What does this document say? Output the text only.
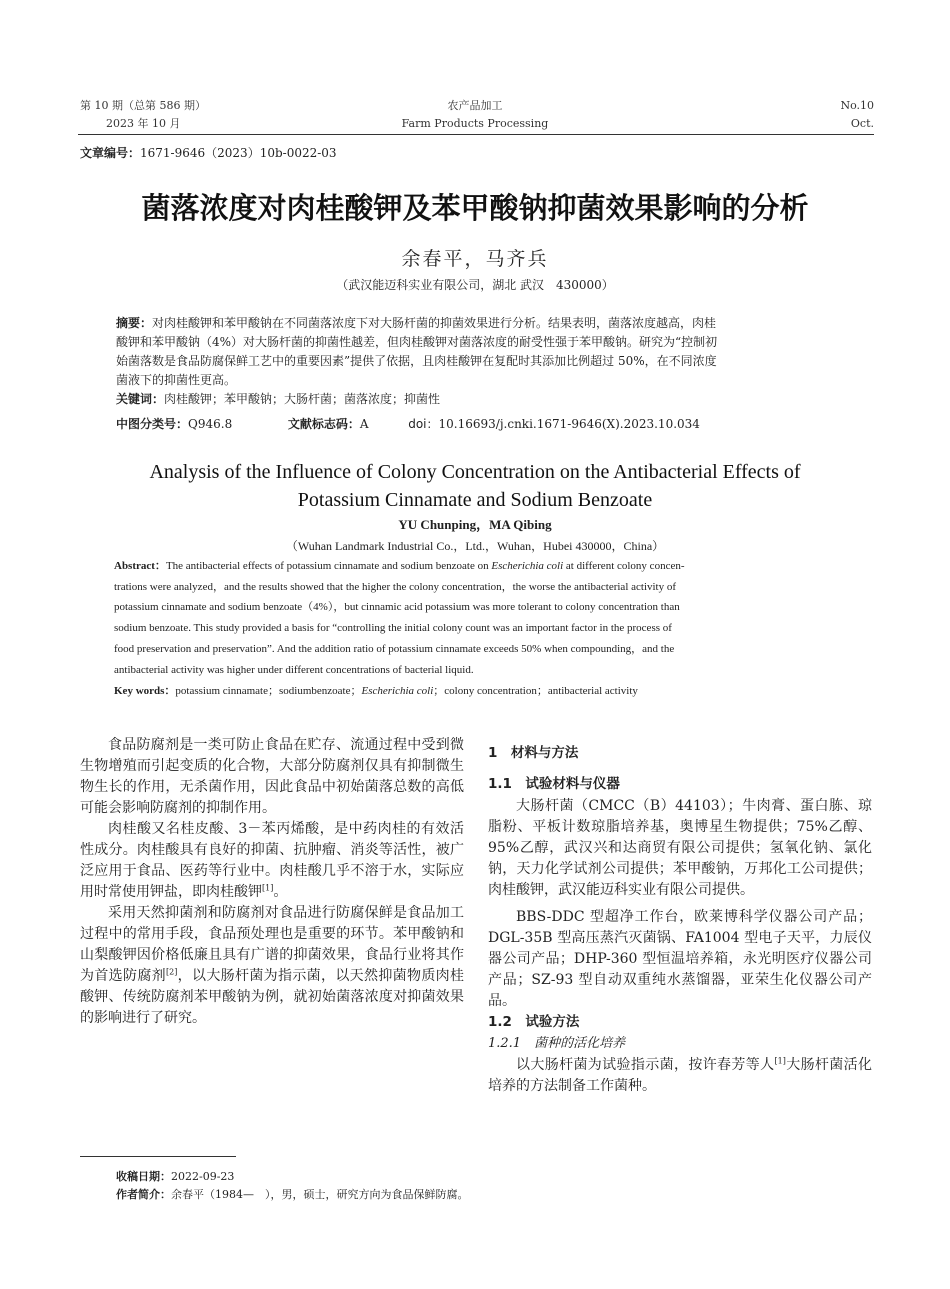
第 10 期（总第 586 期）
2023 年 10 月
农产品加工
Farm Products Processing
No.10
Oct.
文章编号：1671-9646（2023）10b-0022-03
菌落浓度对肉桂酸钾及苯甲酸钠抑菌效果影响的分析
余春平，马齐兵
（武汉能迈科实业有限公司，湖北 武汉　430000）
摘要：对肉桂酸钾和苯甲酸钠在不同菌落浓度下对大肠杆菌的抑菌效果进行分析。结果表明，菌落浓度越高，肉桂
酸钾和苯甲酸钠（4%）对大肠杆菌的抑菌性越差，但肉桂酸钾对菌落浓度的耐受性强于苯甲酸钠。研究为“控制初
始菌落数是食品防腐保鲜工艺中的重要因素”提供了依据，且肉桂酸钾在复配时其添加比例超过 50%，在不同浓度
菌液下的抑菌性更高。
关键词：肉桂酸钾；苯甲酸钠；大肠杆菌；菌落浓度；抑菌性
中图分类号：Q946.8	文献标志码：A	doi：10.16693/j.cnki.1671-9646(X).2023.10.034
Analysis of the Influence of Colony Concentration on the Antibacterial Effects of
Potassium Cinnamate and Sodium Benzoate
YU Chunping，MA Qibing
（Wuhan Landmark Industrial Co.，Ltd.，Wuhan，Hubei 430000，China）
Abstract：The antibacterial effects of potassium cinnamate and sodium benzoate on Escherichia coli at different colony concen-
trations were analyzed，and the results showed that the higher the colony concentration，the worse the antibacterial activity of
potassium cinnamate and sodium benzoate（4%），but cinnamic acid potassium was more tolerant to colony concentration than
sodium benzoate. This study provided a basis for “controlling the initial colony count was an important factor in the process of
food preservation and preservation”. And the addition ratio of potassium cinnamate exceeds 50% when compounding，and the
antibacterial activity was higher under different concentrations of bacterial liquid.
Key words：potassium cinnamate；sodiumbenzoate；Escherichia coli；colony concentration；antibacterial activity

食品防腐剂是一类可防止食品在贮存、流通过程中受到微生物增殖而引起变质的化合物，大部分防腐剂仅具有抑制微生物生长的作用，无杀菌作用，因此食品中初始菌落总数的高低可能会影响防腐剂的抑制作用。

肉桂酸又名桂皮酸、3－苯丙烯酸，是中药肉桂的有效活性成分。肉桂酸具有良好的抑菌、抗肿瘤、消炎等活性，被广泛应用于食品、医药等行业中。肉桂酸几乎不溶于水，实际应用时常使用钾盐，即肉桂酸钾[1]。

采用天然抑菌剂和防腐剂对食品进行防腐保鲜是食品加工过程中的常用手段，食品预处理也是重要的环节。苯甲酸钠和山梨酸钾因价格低廉且具有广谱的抑菌效果，食品行业将其作为首选防腐剂[2]，以大肠杆菌为指示菌，以天然抑菌物质肉桂酸钾、传统防腐剂苯甲酸钠为例，就初始菌落浓度对抑菌效果的影响进行了研究。

1　材料与方法
1.1　试验材料与仪器

大肠杆菌（CMCC（B）44103）；牛肉膏、蛋白胨、琼脂粉、平板计数琼脂培养基，奥博星生物提供；75%乙醇、95%乙醇，武汉兴和达商贸有限公司提供；氢氧化钠、氯化钠，天力化学试剂公司提供；苯甲酸钠，万邦化工公司提供；肉桂酸钾，武汉能迈科实业有限公司提供。

BBS-DDC 型超净工作台，欧莱博科学仪器公司产品；DGL-35B 型高压蒸汽灭菌锅、FA1004 型电子天平，力辰仪器公司产品；DHP-360 型恒温培养箱，永光明医疗仪器公司产品；SZ-93 型自动双重纯水蒸馏器，亚荣生化仪器公司产品。

1.2　试验方法
1.2.1　菌种的活化培养

以大肠杆菌为试验指示菌，按许春芳等人[1]大肠杆菌活化培养的方法制备工作菌种。

收稿日期：2022-09-23
作者简介：余春平（1984—　），男，硕士，研究方向为食品保鲜防腐。
